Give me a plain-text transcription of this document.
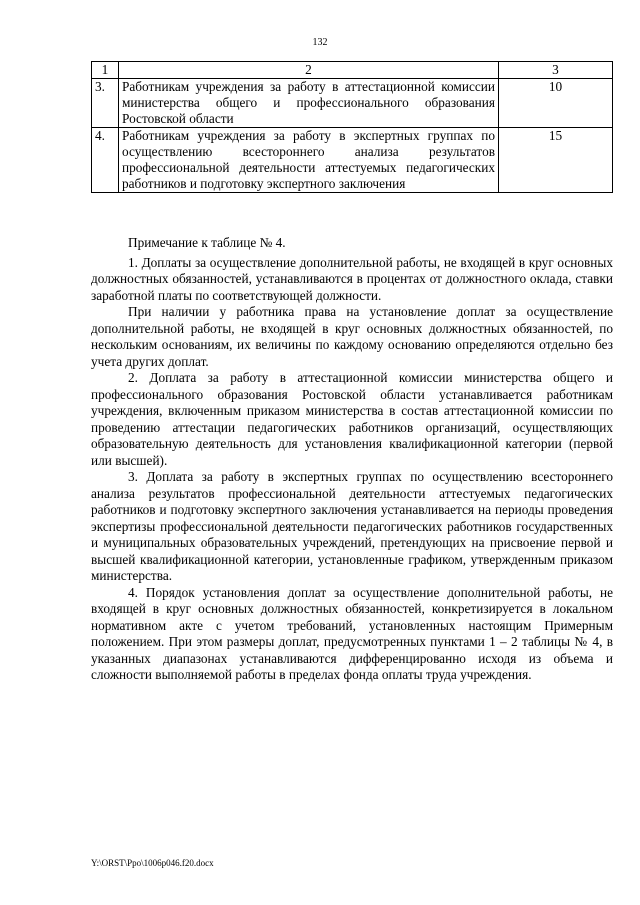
132
1	2	3
3.	Работникам учреждения за работу в аттестационной комиссии министерства общего и профессионального образования Ростовской области	10
4.	Работникам учреждения за работу в экспертных группах по осуществлению всестороннего анализа результатов профессиональной деятельности аттестуемых педагогических работников и подготовку экспертного заключения	15

Примечание к таблице № 4.

1. Доплаты за осуществление дополнительной работы, не входящей в круг основных должностных обязанностей, устанавливаются в процентах от должностного оклада, ставки заработной платы по соответствующей должности.

При наличии у работника права на установление доплат за осуществление дополнительной работы, не входящей в круг основных должностных обязанностей, по нескольким основаниям, их величины по каждому основанию определяются отдельно без учета других доплат.

2. Доплата за работу в аттестационной комиссии министерства общего и профессионального образования Ростовской области устанавливается работникам учреждения, включенным приказом министерства в состав аттестационной комиссии по проведению аттестации педагогических работников организаций, осуществляющих образовательную деятельность для установления квалификационной категории (первой или высшей).

3. Доплата за работу в экспертных группах по осуществлению всестороннего анализа результатов профессиональной деятельности аттестуемых педагогических работников и подготовку экспертного заключения устанавливается на периоды проведения экспертизы профессиональной деятельности педагогических работников государственных и муниципальных образовательных учреждений, претендующих на присвоение первой и высшей квалификационной категории, установленные графиком, утвержденным приказом министерства.

4. Порядок установления доплат за осуществление дополнительной работы, не входящей в круг основных должностных обязанностей, конкретизируется в локальном нормативном акте с учетом требований, установленных настоящим Примерным положением. При этом размеры доплат, предусмотренных пунктами 1 – 2 таблицы № 4, в указанных диапазонах устанавливаются дифференцированно исходя из объема и сложности выполняемой работы в пределах фонда оплаты труда учреждения.

Y:\ORST\Ppo\1006p046.f20.docx
